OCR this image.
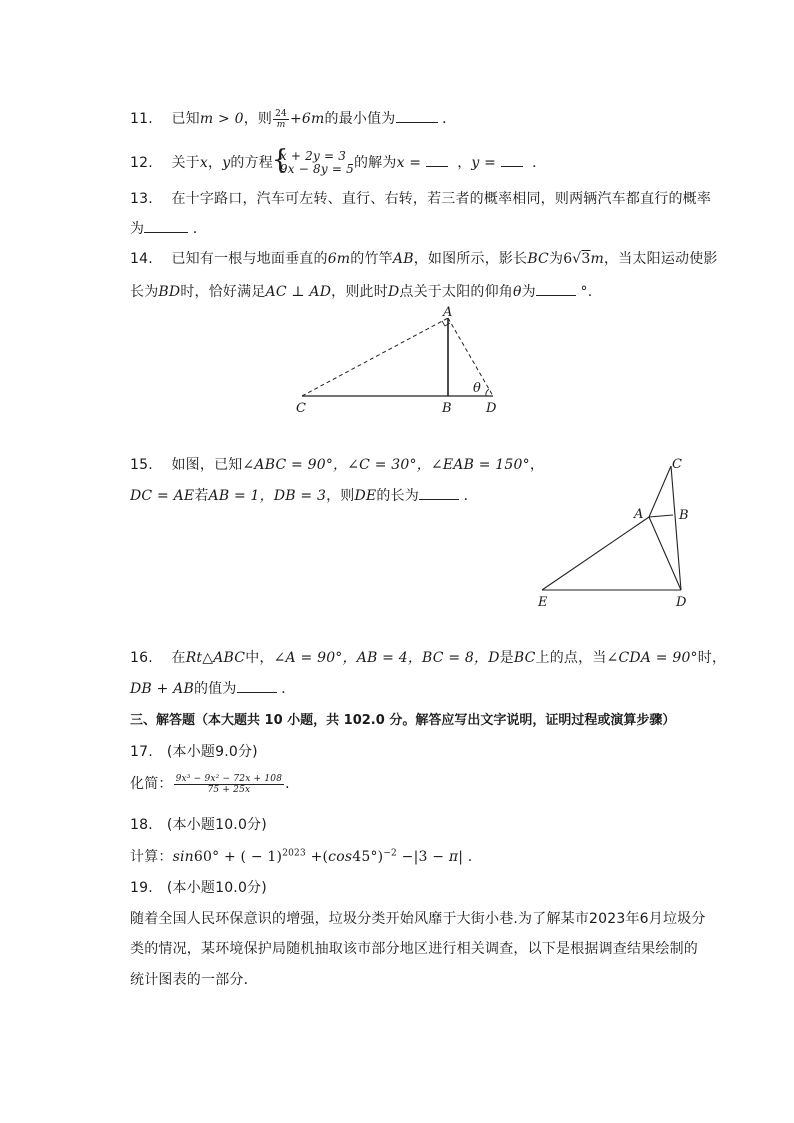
11. 已知m > 0，则 $\frac{24}{m} +6m$的最小值为	．
12. 关于x，y的方程 {
x + 2y = 3
9x − 8y = 5 的解为x =   ，y =   ．
13. 在十字路口，汽车可左转、直行、右转，若三者的概率相同，则两辆汽车都直行的概率
为	．
14. 已知有一根与地面垂直的6m的竹竿AB，如图所示，影长BC为6√3m，当太阳运动使影
长为BD时，恰好满足AC ⊥ AD，则此时D点关于太阳的仰角θ为	°.
A
B
C	D
θ
15. 如图，已知∠ABC = 90°，∠C = 30°，∠EAB = 150°，
DC = AE若AB = 1，DB = 3，则DE的长为	．
C
A	B
E	D
16. 在Rt△ABC中，∠A = 90°，AB = 4，BC = 8，D是BC上的点，当∠CDA = 90°时，
DB + AB的值为	．
三、解答题（本大题共 10 小题，共 102.0 分。解答应写出文字说明，证明过程或演算步骤）
17. (本小题9.0分)
化简： $\frac{\text{9x³ − 9x² − 72x + 108}}{75 + 25x}$ .
18. (本小题10.0分)
计算：sin60° + ( − $1)^{2023} +(\cos 45^\circ)^{-2} -|3 - \pi|$ .
19. (本小题10.0分)
随着全国人民环保意识的增强，垃圾分类开始风靡于大街小巷.为了解某市2023年6月垃圾分
类的情况，某环境保护局随机抽取该市部分地区进行相关调查，以下是根据调查结果绘制的
统计图表的一部分．
